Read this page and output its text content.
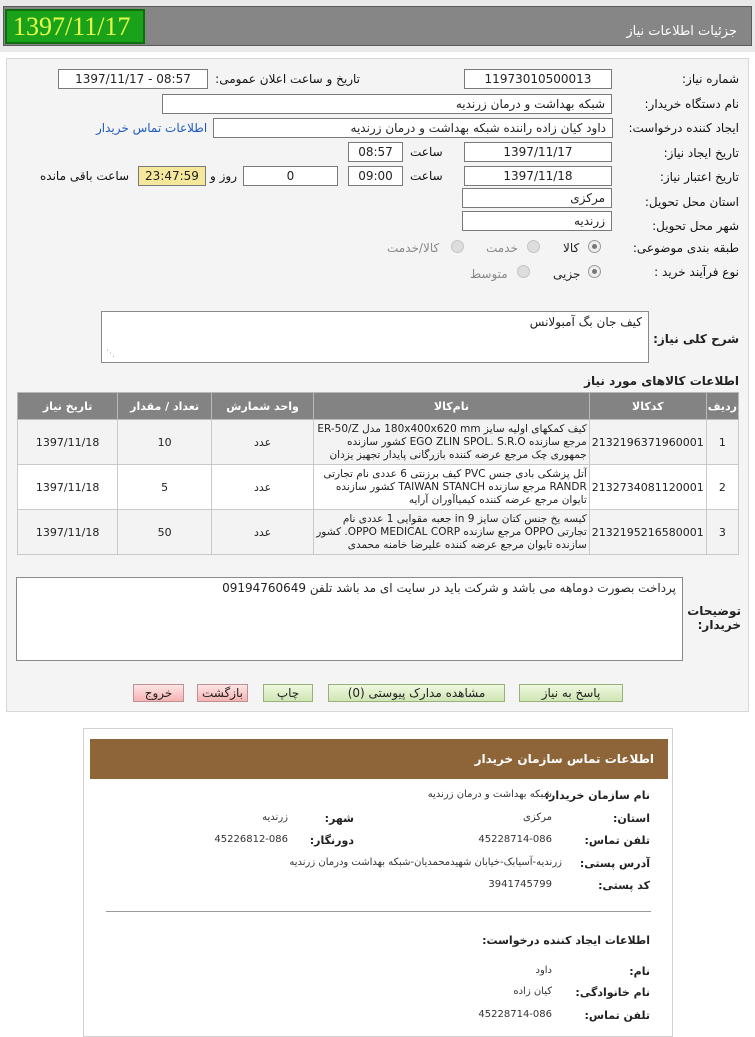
جزئیات اطلاعات نیاز
1397/11/17
شماره نیاز:
11973010500013
تاریخ و ساعت اعلان عمومی:
1397/11/17 - 08:57
نام دستگاه خریدار:
شبکه بهداشت و درمان زرندیه
ایجاد کننده درخواست:
داود کیان زاده راننده شبکه بهداشت و درمان زرندیه
اطلاعات تماس خریدار
تاریخ ایجاد نیاز:
1397/11/17
ساعت
08:57
تاریخ اعتبار نیاز:
1397/11/18
ساعت
09:00
0
روز و
23:47:59
ساعت باقی مانده
استان محل تحویل:
مرکزی
شهر محل تحویل:
زرندیه
طبقه بندی موضوعی:
کالا
خدمت
کالا/خدمت
نوع فرآیند خرید :
جزیی
متوسط
شرح کلی نیاز:
کیف جان بگ آمبولانس
⋰
اطلاعات کالاهای مورد نیاز
ردیف	کدکالا	نام‌کالا	واحد شمارش	تعداد / مقدار	تاریخ نیاز
1	2132196371960001	کیف کمکهای اولیه سایز 180x400x620 mm مدل ER-50/Z مرجع سازنده EGO ZLIN SPOL. S.R.O کشور سازنده جمهوری چک مرجع عرضه کننده بازرگانی پایدار تجهیز یزدان	عدد	10	1397/11/18
2	2132734081120001	آتل پزشکی بادی جنس PVC کیف برزنتی 6 عددی نام تجارتی RANDR مرجع سازنده TAIWAN STANCH کشور سازنده تایوان مرجع عرضه کننده کیمیاآوران آرایه	عدد	5	1397/11/18
3	2132195216580001	کیسه یخ جنس کتان سایز 9 in جعبه مقوایی 1 عددی نام تجارتی OPPO مرجع سازنده OPPO MEDICAL CORP. کشور سازنده تایوان مرجع عرضه کننده علیرضا خامنه محمدی	عدد	50	1397/11/18
توضیحات خریدار:
پرداخت بصورت دوماهه می باشد و شرکت باید در سایت ای مد باشد تلفن 09194760649
پاسخ به نیاز
مشاهده مدارک پیوستی (0)
چاپ
بازگشت
خروج
اطلاعات تماس سازمان خریدار
نام سازمان خریدار:
شبکه بهداشت و درمان زرندیه
استان:
مرکزی
شهر:
زرندیه
تلفن تماس:
45228714-086
دورنگار:
45226812-086
آدرس پستی:
زرندیه-آسیابک-خیابان شهیدمحمدیان-شبکه بهداشت ودرمان زرندیه
کد پستی:
3941745799
اطلاعات ایجاد کننده درخواست:
نام:
داود
نام خانوادگی:
کیان زاده
تلفن تماس:
45228714-086
